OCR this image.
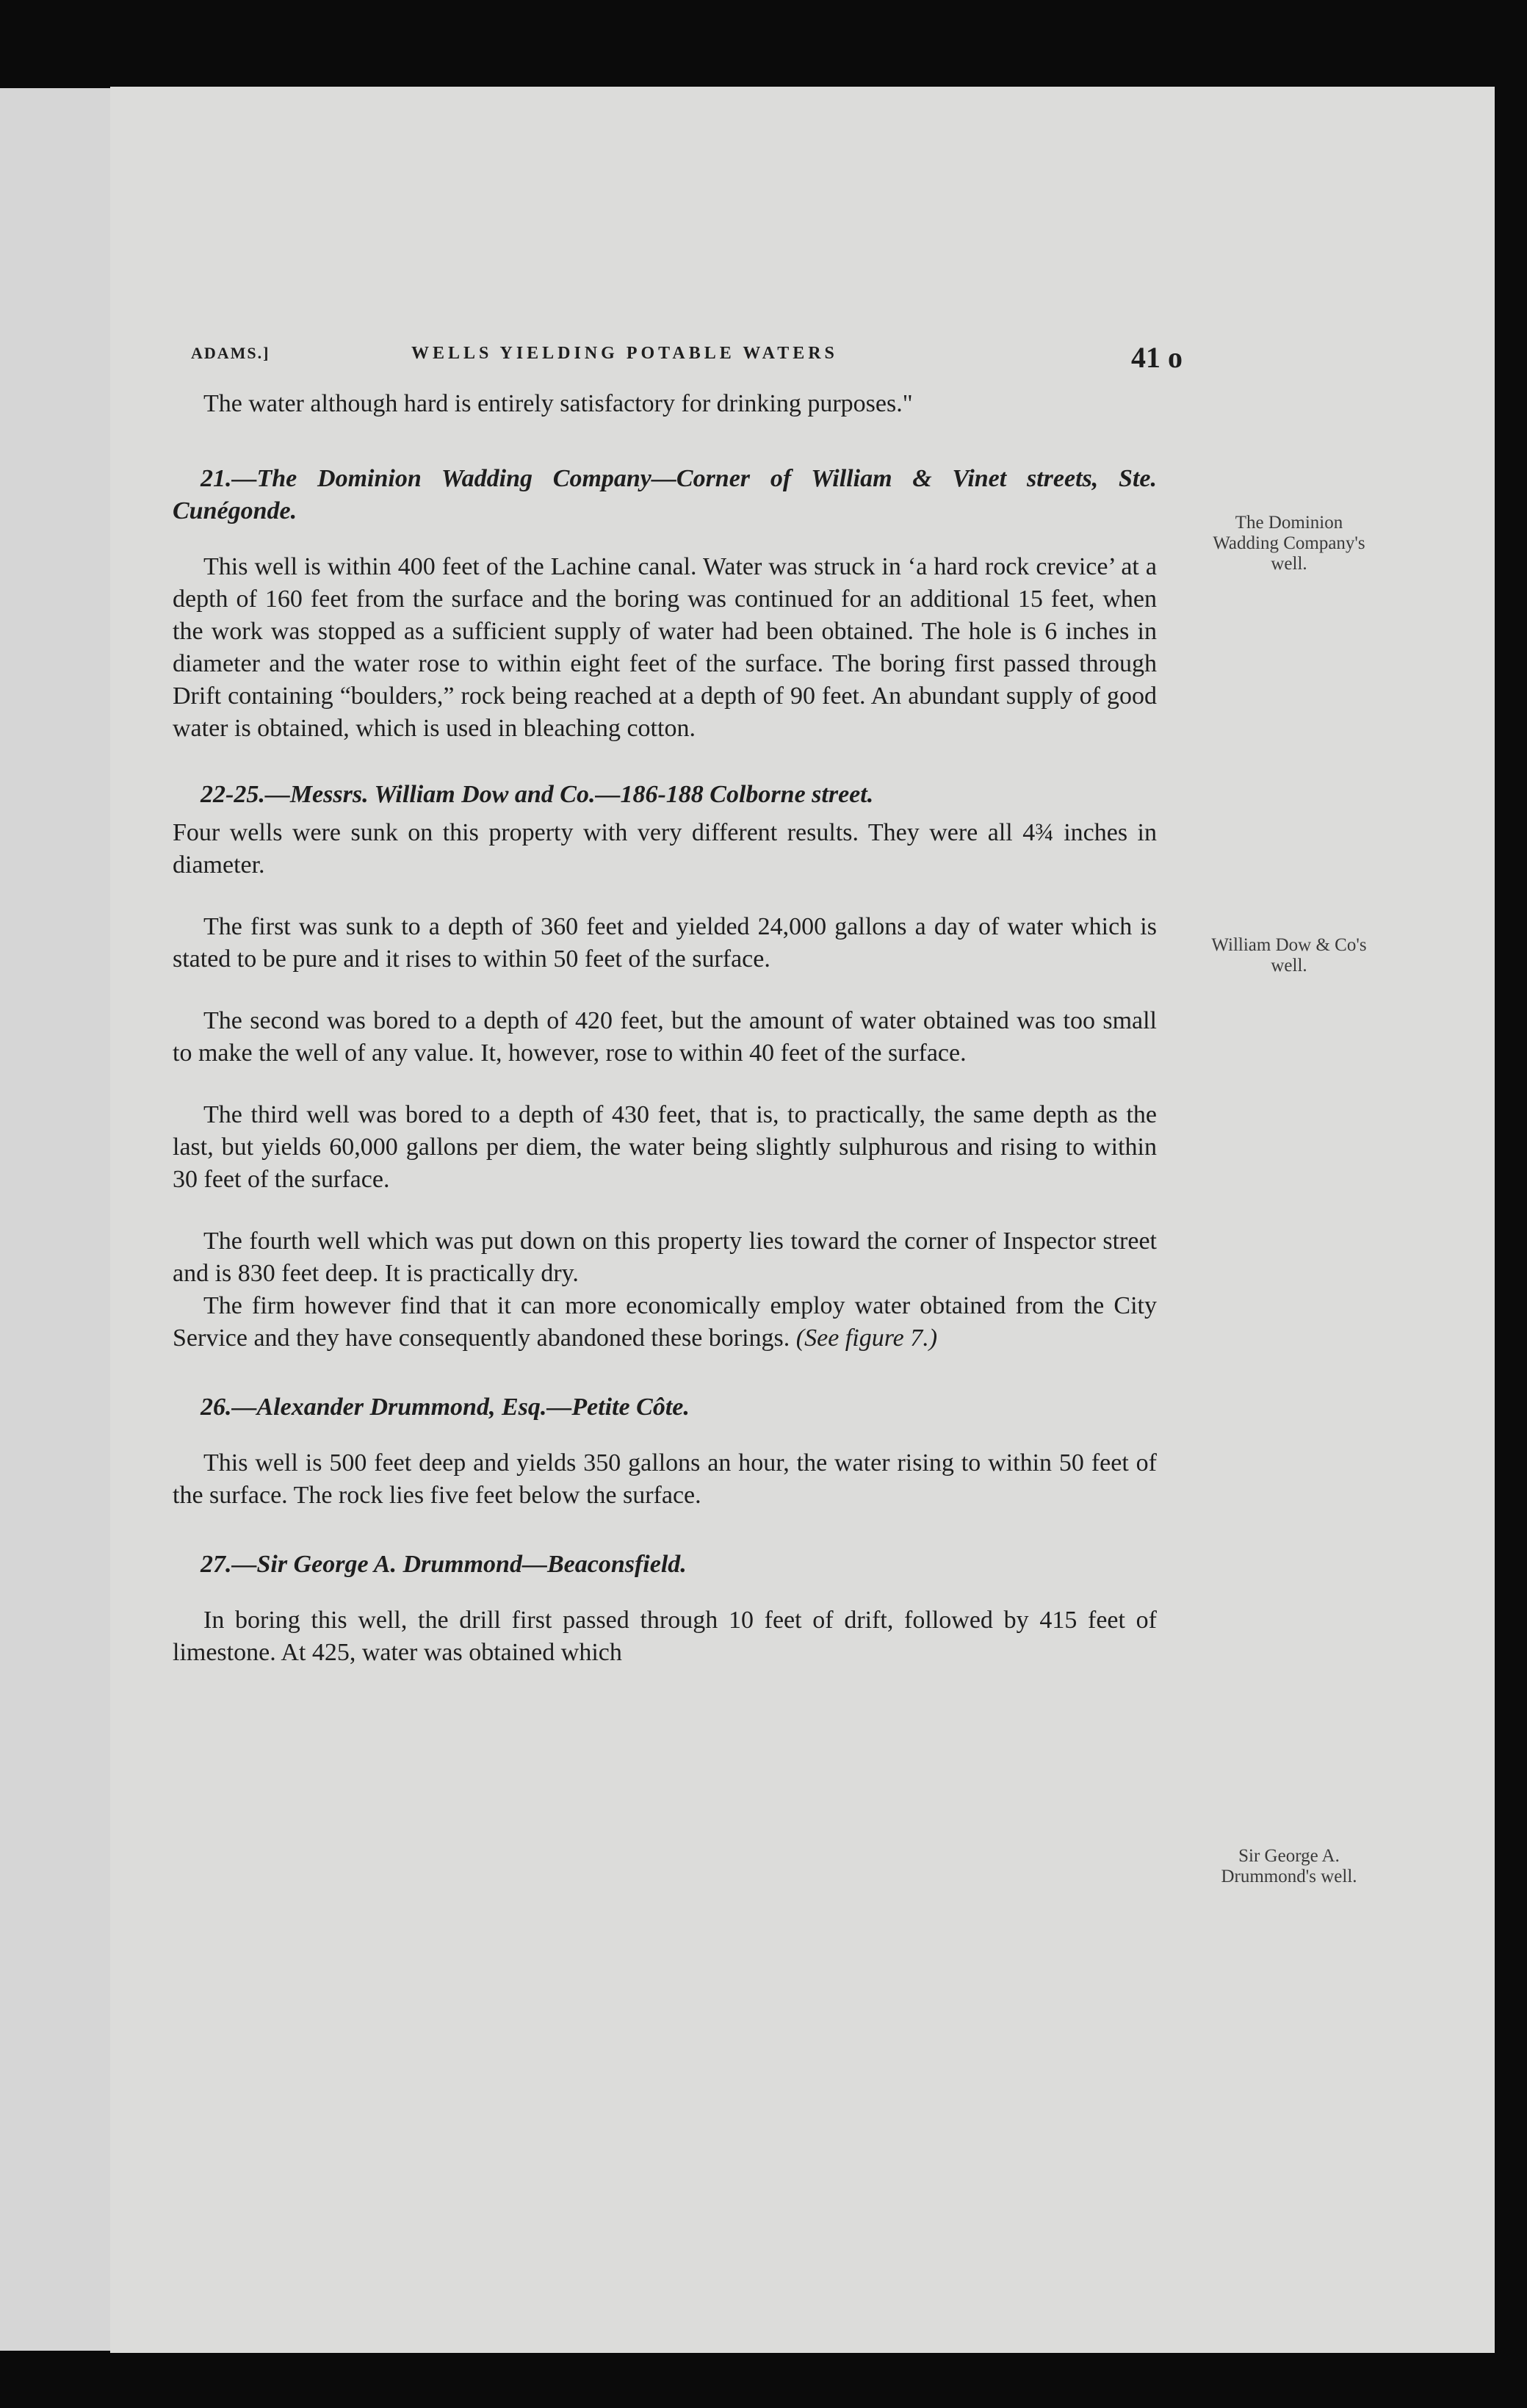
ADAMS.]	WELLS YIELDING POTABLE WATERS	41 o

The water although hard is entirely satisfactory for drinking purposes."

21.—The Dominion Wadding Company—Corner of William & Vinet streets, Ste. Cunégonde.

This well is within 400 feet of the Lachine canal. Water was struck in ‘a hard rock crevice’ at a depth of 160 feet from the surface and the boring was continued for an additional 15 feet, when the work was stopped as a sufficient supply of water had been obtained. The hole is 6 inches in diameter and the water rose to within eight feet of the surface. The boring first passed through Drift containing “boulders,” rock being reached at a depth of 90 feet. An abundant supply of good water is obtained, which is used in bleaching cotton.

22-25.—Messrs. William Dow and Co.—186-188 Colborne street.

Four wells were sunk on this property with very different results. They were all 4¾ inches in diameter.

The first was sunk to a depth of 360 feet and yielded 24,000 gallons a day of water which is stated to be pure and it rises to within 50 feet of the surface.

The second was bored to a depth of 420 feet, but the amount of water obtained was too small to make the well of any value. It, however, rose to within 40 feet of the surface.

The third well was bored to a depth of 430 feet, that is, to practically, the same depth as the last, but yields 60,000 gallons per diem, the water being slightly sulphurous and rising to within 30 feet of the surface.

The fourth well which was put down on this property lies toward the corner of Inspector street and is 830 feet deep. It is practically dry.

The firm however find that it can more economically employ water obtained from the City Service and they have consequently abandoned these borings. (See figure 7.)

26.—Alexander Drummond, Esq.—Petite Côte.

This well is 500 feet deep and yields 350 gallons an hour, the water rising to within 50 feet of the surface. The rock lies five feet below the surface.

27.—Sir George A. Drummond—Beaconsfield.

In boring this well, the drill first passed through 10 feet of drift, followed by 415 feet of limestone. At 425, water was obtained which

The Dominion Wadding Company's well.
William Dow & Co's well.
Sir George A. Drummond's well.
